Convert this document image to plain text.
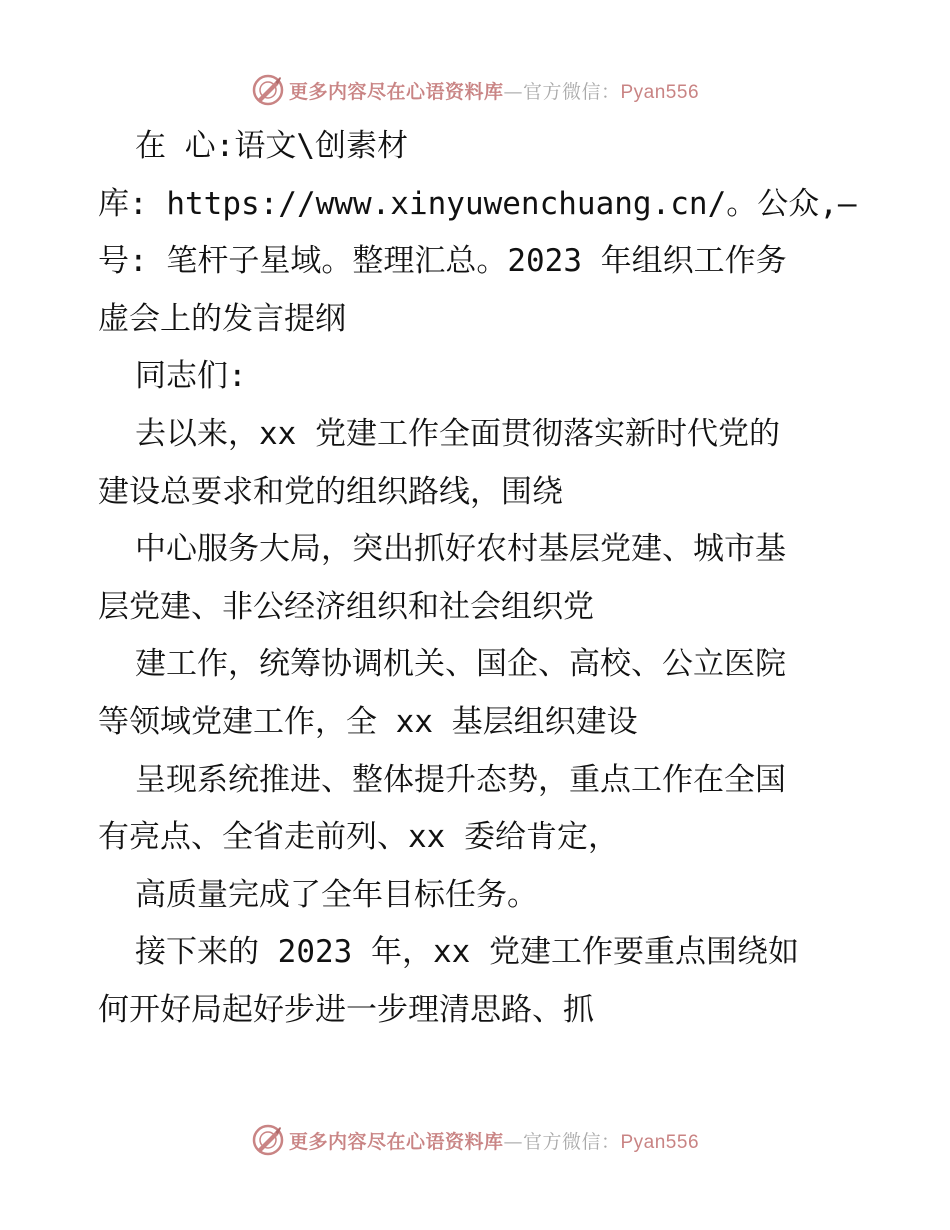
更多内容尽在心语资料库—官方微信：Pyan556
在 心:语文\创素材
库: https://www.xinyuwenchuang.cn/。公众,—
号: 笔杆子星域。整理汇总。2023 年组织工作务
虚会上的发言提纲
同志们:
去以来，xx 党建工作全面贯彻落实新时代党的
建设总要求和党的组织路线，围绕
中心服务大局，突出抓好农村基层党建、城市基
层党建、非公经济组织和社会组织党
建工作，统筹协调机关、国企、高校、公立医院
等领域党建工作，全 xx 基层组织建设
呈现系统推进、整体提升态势，重点工作在全国
有亮点、全省走前列、xx 委给肯定，
高质量完成了全年目标任务。
接下来的 2023 年，xx 党建工作要重点围绕如
何开好局起好步进一步理清思路、抓
更多内容尽在心语资料库—官方微信：Pyan556
